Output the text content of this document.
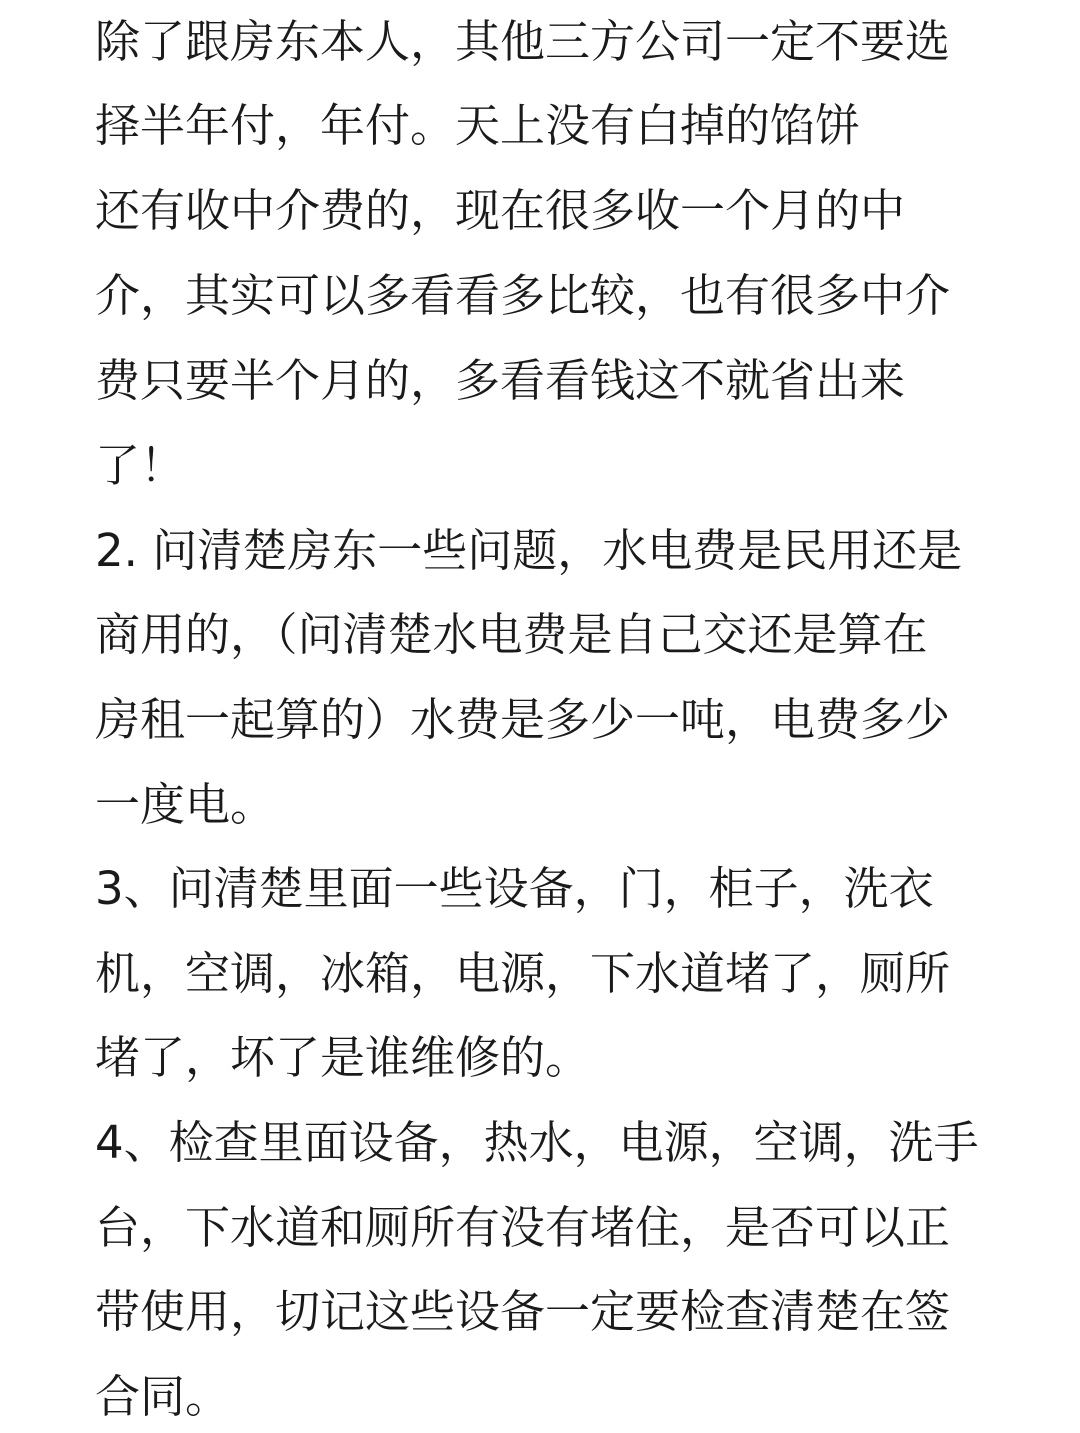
除了跟房东本人，其他三方公司一定不要选
择半年付，年付。天上没有白掉的馅饼
还有收中介费的，现在很多收一个月的中
介，其实可以多看看多比较，也有很多中介
费只要半个月的，多看看钱这不就省出来
了！
2. 问清楚房东一些问题，水电费是民用还是
商用的，（问清楚水电费是自己交还是算在
房租一起算的）水费是多少一吨，电费多少
一度电。
3、问清楚里面一些设备，门，柜子，洗衣
机，空调，冰箱，电源，下水道堵了，厕所
堵了，坏了是谁维修的。
4、检查里面设备，热水，电源，空调，洗手
台，下水道和厕所有没有堵住，是否可以正
带使用，切记这些设备一定要检查清楚在签
合同。
